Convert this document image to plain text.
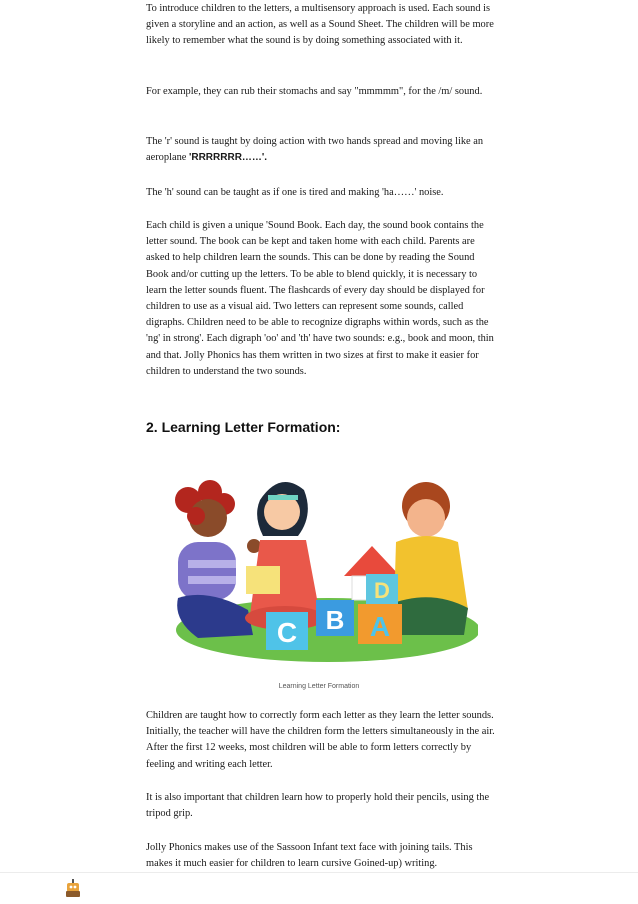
To introduce children to the letters, a multisensory approach is used. Each sound is given a storyline and an action, as well as a Sound Sheet. The children will be more likely to remember what the sound is by doing something associated with it.

For example, they can rub their stomachs and say "mmmmm", for the /m/ sound.

The 'r' sound is taught by doing action with two hands spread and moving like an aeroplane 'RRRRRRR……'.

The 'h' sound can be taught as if one is tired and making 'ha……' noise.

Each child is given a unique 'Sound Book. Each day, the sound book contains the letter sound. The book can be kept and taken home with each child. Parents are asked to help children learn the sounds. This can be done by reading the Sound Book and/or cutting up the letters. To be able to blend quickly, it is necessary to learn the letter sounds fluent. The flashcards of every day should be displayed for children to use as a visual aid. Two letters can represent some sounds, called digraphs. Children need to be able to recognize digraphs within words, such as the 'ng' in strong'. Each digraph 'oo' and 'th' have two sounds: e.g., book and moon, thin and that. Jolly Phonics has them written in two sizes at first to make it easier for children to understand the two sounds.

2. Learning Letter Formation:
C B
D
A
Learning Letter Formation

Children are taught how to correctly form each letter as they learn the letter sounds. Initially, the teacher will have the children form the letters simultaneously in the air. After the first 12 weeks, most children will be able to form letters correctly by feeling and writing each letter.

It is also important that children learn how to properly hold their pencils, using the tripod grip.

Jolly Phonics makes use of the Sassoon Infant text face with joining tails. This makes it much easier for children to learn cursive Goined-up) writing.
